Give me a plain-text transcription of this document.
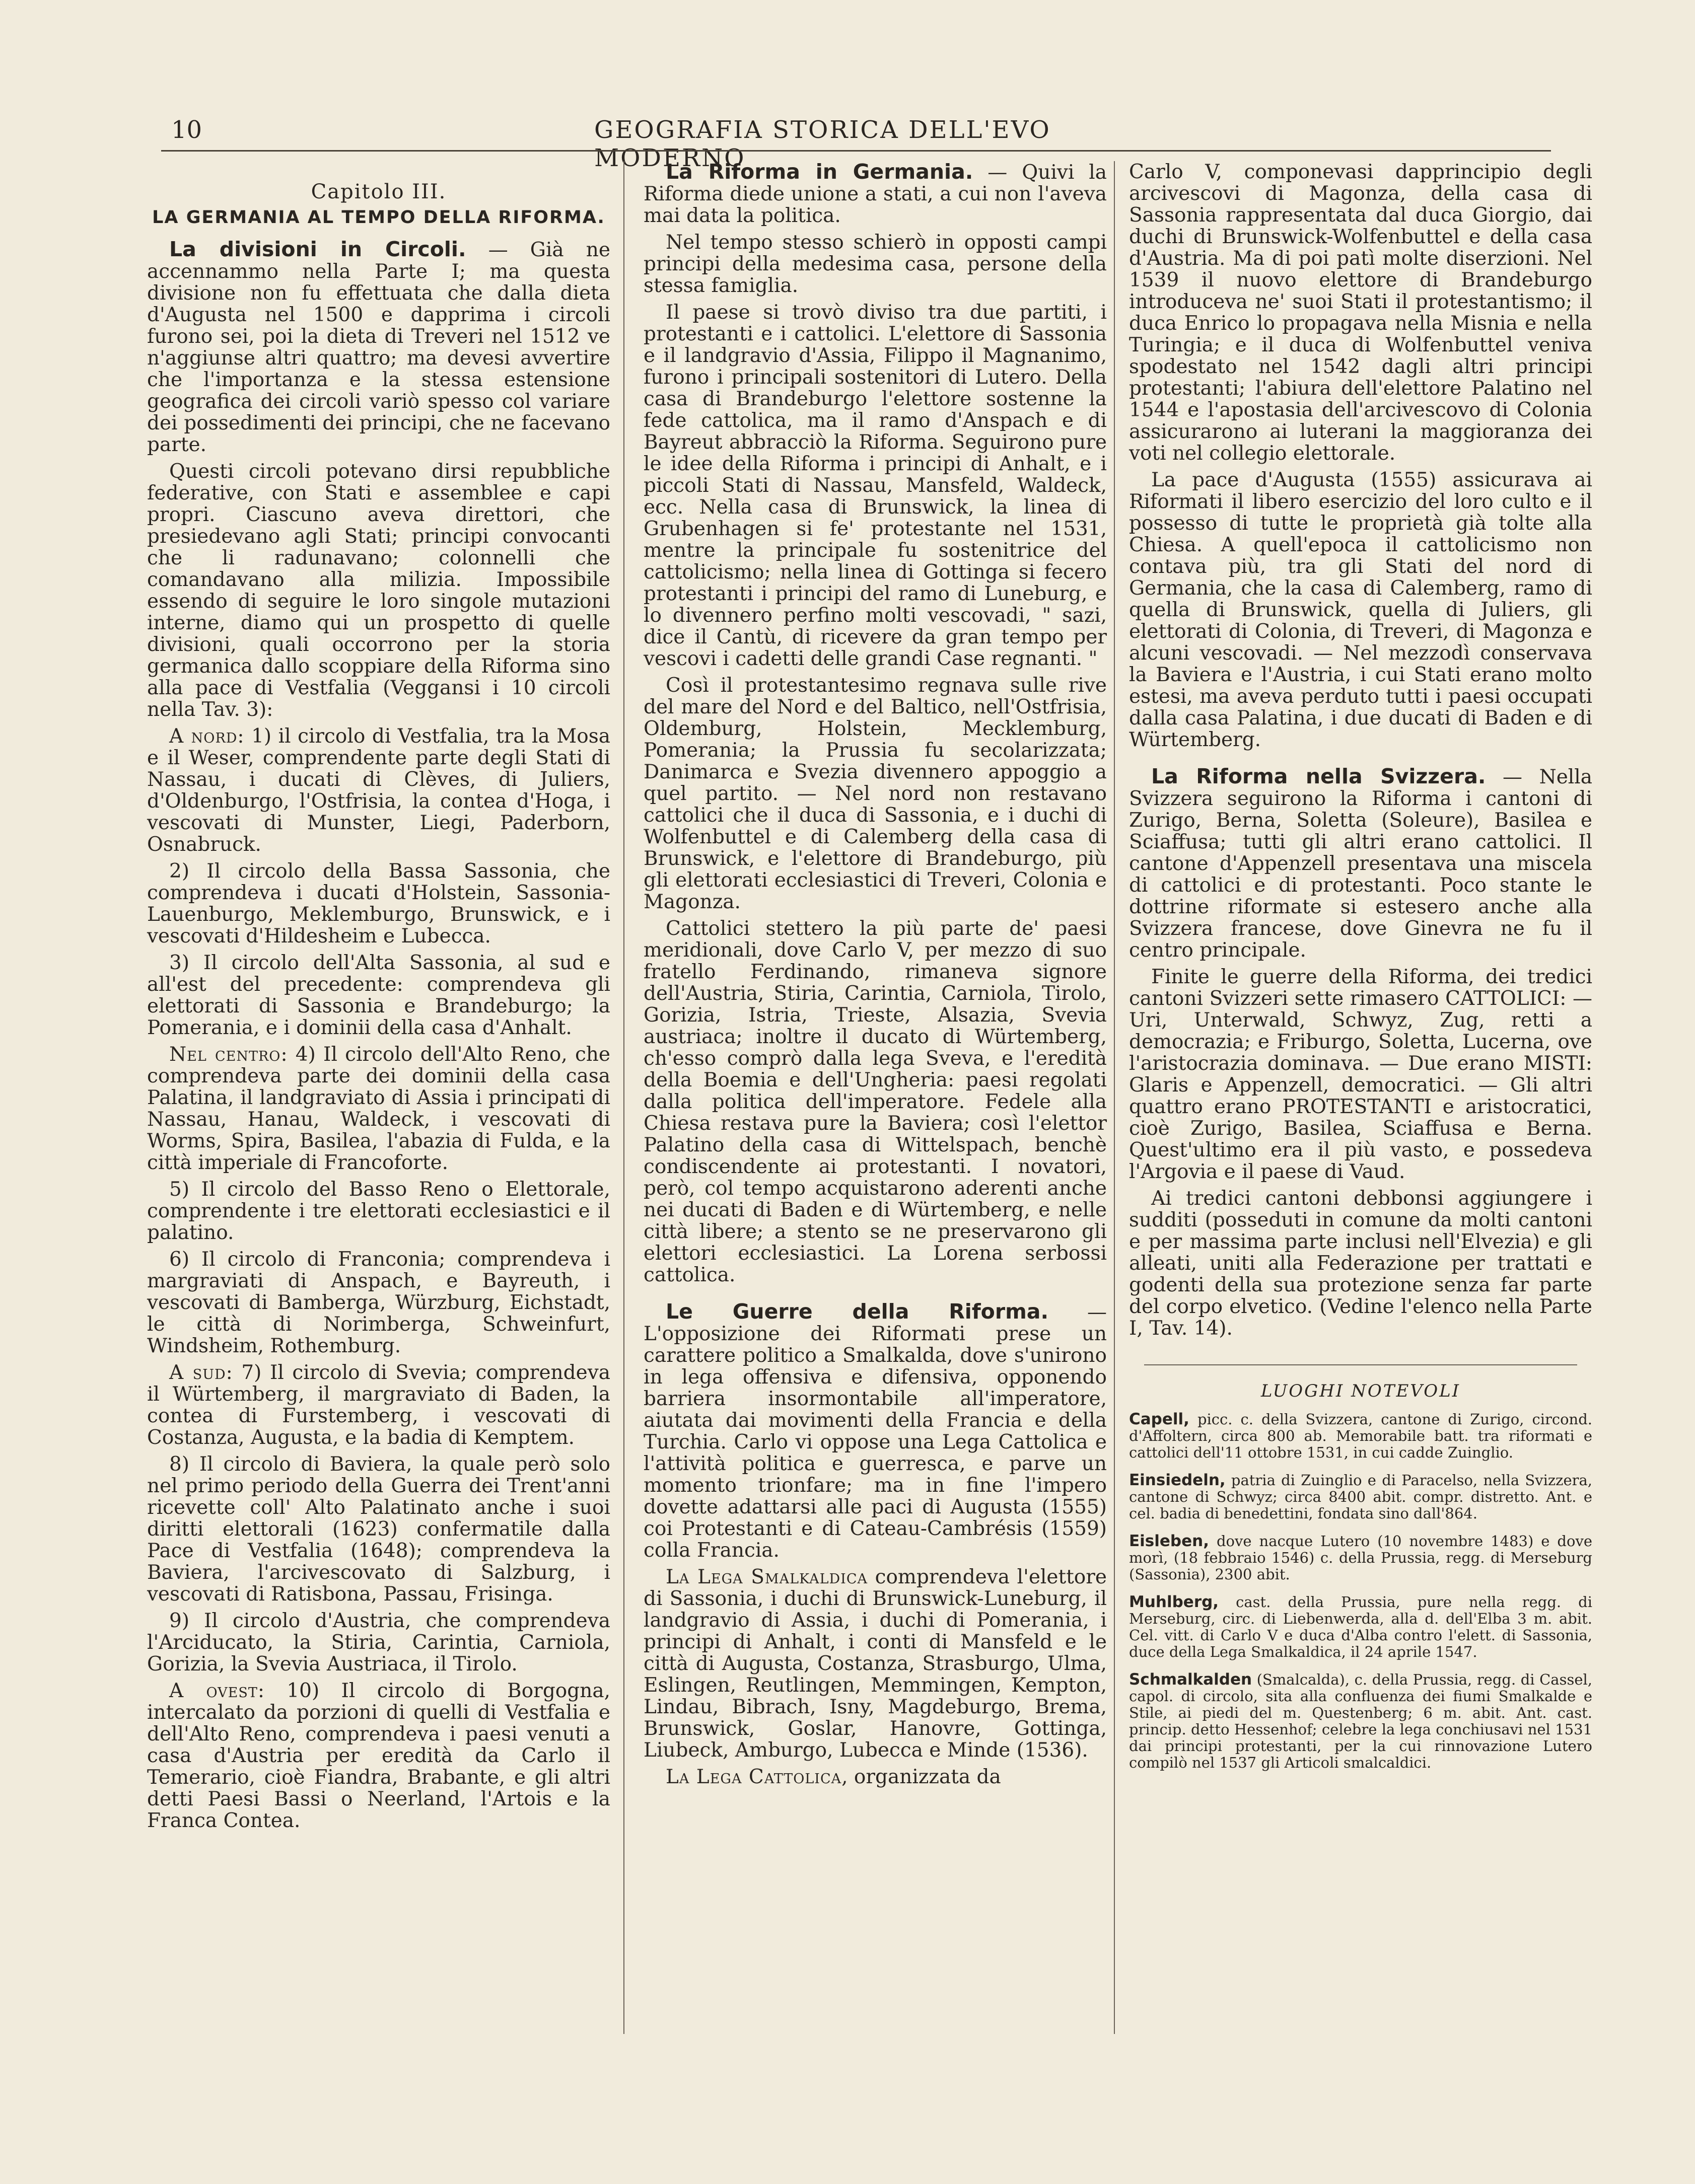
10	GEOGRAFIA STORICA DELL'EVO MODERNO
Capitolo III.
LA GERMANIA AL TEMPO DELLA RIFORMA.

La divisioni in Circoli. — Già ne accennammo nella Parte I; ma questa divisione non fu effettuata che dalla dieta d'Augusta nel 1500 e dapprima i circoli furono sei, poi la dieta di Treveri nel 1512 ve n'aggiunse altri quattro; ma devesi avvertire che l'importanza e la stessa estensione geografica dei circoli variò spesso col variare dei possedimenti dei principi, che ne facevano parte.

Questi circoli potevano dirsi repubbliche federative, con Stati e assemblee e capi propri. Ciascuno aveva direttori, che presiedevano agli Stati; principi convocanti che li radunavano; colonnelli che comandavano alla milizia. Impossibile essendo di seguire le loro singole mutazioni interne, diamo qui un prospetto di quelle divisioni, quali occorrono per la storia germanica dallo scoppiare della Riforma sino alla pace di Vestfalia (Veggansi i 10 circoli nella Tav. 3):

A nord: 1) il circolo di Vestfalia, tra la Mosa e il Weser, comprendente parte degli Stati di Nassau, i ducati di Clèves, di Juliers, d'Oldenburgo, l'Ostfrisia, la contea d'Hoga, i vescovati di Munster, Liegi, Paderborn, Osnabruck.

2) Il circolo della Bassa Sassonia, che comprendeva i ducati d'Holstein, Sassonia-Lauenburgo, Meklemburgo, Brunswick, e i vescovati d'Hildesheim e Lubecca.

3) Il circolo dell'Alta Sassonia, al sud e all'est del precedente: comprendeva gli elettorati di Sassonia e Brandeburgo; la Pomerania, e i dominii della casa d'Anhalt.

Nel centro: 4) Il circolo dell'Alto Reno, che comprendeva parte dei dominii della casa Palatina, il landgraviato di Assia i principati di Nassau, Hanau, Waldeck, i vescovati di Worms, Spira, Basilea, l'abazia di Fulda, e la città imperiale di Francoforte.

5) Il circolo del Basso Reno o Elettorale, comprendente i tre elettorati ecclesiastici e il palatino.

6) Il circolo di Franconia; comprendeva i margraviati di Anspach, e Bayreuth, i vescovati di Bamberga, Würzburg, Eichstadt, le città di Norimberga, Schweinfurt, Windsheim, Rothemburg.

A sud: 7) Il circolo di Svevia; comprendeva il Würtemberg, il margraviato di Baden, la contea di Furstemberg, i vescovati di Costanza, Augusta, e la badia di Kemptem.

8) Il circolo di Baviera, la quale però solo nel primo periodo della Guerra dei Trent'anni ricevette coll' Alto Palatinato anche i suoi diritti elettorali (1623) confermatile dalla Pace di Vestfalia (1648); comprendeva la Baviera, l'arcivescovato di Salzburg, i vescovati di Ratisbona, Passau, Frisinga.

9) Il circolo d'Austria, che comprendeva l'Arciducato, la Stiria, Carintia, Carniola, Gorizia, la Svevia Austriaca, il Tirolo.

A ovest: 10) Il circolo di Borgogna, intercalato da porzioni di quelli di Vestfalia e dell'Alto Reno, comprendeva i paesi venuti a casa d'Austria per eredità da Carlo il Temerario, cioè Fiandra, Brabante, e gli altri detti Paesi Bassi o Neerland, l'Artois e la Franca Contea.

La Riforma in Germania. — Quivi la Riforma diede unione a stati, a cui non l'aveva mai data la politica.

Nel tempo stesso schierò in opposti campi principi della medesima casa, persone della stessa famiglia.

Il paese si trovò diviso tra due partiti, i protestanti e i cattolici. L'elettore di Sassonia e il landgravio d'Assia, Filippo il Magnanimo, furono i principali sostenitori di Lutero. Della casa di Brandeburgo l'elettore sostenne la fede cattolica, ma il ramo d'Anspach e di Bayreut abbracciò la Riforma. Seguirono pure le idee della Riforma i principi di Anhalt, e i piccoli Stati di Nassau, Mansfeld, Waldeck, ecc. Nella casa di Brunswick, la linea di Grubenhagen si fe' protestante nel 1531, mentre la principale fu sostenitrice del cattolicismo; nella linea di Gottinga si fecero protestanti i principi del ramo di Luneburg, e lo divennero perfino molti vescovadi, " sazi, dice il Cantù, di ricevere da gran tempo per vescovi i cadetti delle grandi Case regnanti. "

Così il protestantesimo regnava sulle rive del mare del Nord e del Baltico, nell'Ostfrisia, Oldemburg, Holstein, Mecklemburg, Pomerania; la Prussia fu secolarizzata; Danimarca e Svezia divennero appoggio a quel partito. — Nel nord non restavano cattolici che il duca di Sassonia, e i duchi di Wolfenbuttel e di Calemberg della casa di Brunswick, e l'elettore di Brandeburgo, più gli elettorati ecclesiastici di Treveri, Colonia e Magonza.

Cattolici stettero la più parte de' paesi meridionali, dove Carlo V, per mezzo di suo fratello Ferdinando, rimaneva signore dell'Austria, Stiria, Carintia, Carniola, Tirolo, Gorizia, Istria, Trieste, Alsazia, Svevia austriaca; inoltre il ducato di Würtemberg, ch'esso comprò dalla lega Sveva, e l'eredità della Boemia e dell'Ungheria: paesi regolati dalla politica dell'imperatore. Fedele alla Chiesa restava pure la Baviera; così l'elettor Palatino della casa di Wittelspach, benchè condiscendente ai protestanti. I novatori, però, col tempo acquistarono aderenti anche nei ducati di Baden e di Würtemberg, e nelle città libere; a stento se ne preservarono gli elettori ecclesiastici. La Lorena serbossi cattolica.

Le Guerre della Riforma. — L'opposizione dei Riformati prese un carattere politico a Smalkalda, dove s'unirono in lega offensiva e difensiva, opponendo barriera insormontabile all'imperatore, aiutata dai movimenti della Francia e della Turchia. Carlo vi oppose una Lega Cattolica e l'attività politica e guerresca, e parve un momento trionfare; ma in fine l'impero dovette adattarsi alle paci di Augusta (1555) coi Protestanti e di Cateau-Cambrésis (1559) colla Francia.

La Lega Smalkaldica comprendeva l'elettore di Sassonia, i duchi di Brunswick-Luneburg, il landgravio di Assia, i duchi di Pomerania, i principi di Anhalt, i conti di Mansfeld e le città di Augusta, Costanza, Strasburgo, Ulma, Eslingen, Reutlingen, Memmingen, Kempton, Lindau, Bibrach, Isny, Magdeburgo, Brema, Brunswick, Goslar, Hanovre, Gottinga, Liubeck, Amburgo, Lubecca e Minde (1536).

La Lega Cattolica, organizzata da

Carlo V, componevasi dapprincipio degli arcivescovi di Magonza, della casa di Sassonia rappresentata dal duca Giorgio, dai duchi di Brunswick-Wolfenbuttel e della casa d'Austria. Ma di poi patì molte diserzioni. Nel 1539 il nuovo elettore di Brandeburgo introduceva ne' suoi Stati il protestantismo; il duca Enrico lo propagava nella Misnia e nella Turingia; e il duca di Wolfenbuttel veniva spodestato nel 1542 dagli altri principi protestanti; l'abiura dell'elettore Palatino nel 1544 e l'apostasia dell'arcivescovo di Colonia assicurarono ai luterani la maggioranza dei voti nel collegio elettorale.

La pace d'Augusta (1555) assicurava ai Riformati il libero esercizio del loro culto e il possesso di tutte le proprietà già tolte alla Chiesa. A quell'epoca il cattolicismo non contava più, tra gli Stati del nord di Germania, che la casa di Calemberg, ramo di quella di Brunswick, quella di Juliers, gli elettorati di Colonia, di Treveri, di Magonza e alcuni vescovadi. — Nel mezzodì conservava la Baviera e l'Austria, i cui Stati erano molto estesi, ma aveva perduto tutti i paesi occupati dalla casa Palatina, i due ducati di Baden e di Würtemberg.

La Riforma nella Svizzera. — Nella Svizzera seguirono la Riforma i cantoni di Zurigo, Berna, Soletta (Soleure), Basilea e Sciaffusa; tutti gli altri erano cattolici. Il cantone d'Appenzell presentava una miscela di cattolici e di protestanti. Poco stante le dottrine riformate si estesero anche alla Svizzera francese, dove Ginevra ne fu il centro principale.

Finite le guerre della Riforma, dei tredici cantoni Svizzeri sette rimasero CATTOLICI: — Uri, Unterwald, Schwyz, Zug, retti a democrazia; e Friburgo, Soletta, Lucerna, ove l'aristocrazia dominava. — Due erano MISTI: Glaris e Appenzell, democratici. — Gli altri quattro erano PROTESTANTI e aristocratici, cioè Zurigo, Basilea, Sciaffusa e Berna. Quest'ultimo era il più vasto, e possedeva l'Argovia e il paese di Vaud.

Ai tredici cantoni debbonsi aggiungere i sudditi (posseduti in comune da molti cantoni e per massima parte inclusi nell'Elvezia) e gli alleati, uniti alla Federazione per trattati e godenti della sua protezione senza far parte del corpo elvetico. (Vedine l'elenco nella Parte I, Tav. 14).

LUOGHI NOTEVOLI

Capell, picc. c. della Svizzera, cantone di Zurigo, circond. d'Affoltern, circa 800 ab. Memorabile batt. tra riformati e cattolici dell'11 ottobre 1531, in cui cadde Zuinglio.

Einsiedeln, patria di Zuinglio e di Paracelso, nella Svizzera, cantone di Schwyz; circa 8400 abit. compr. distretto. Ant. e cel. badia di benedettini, fondata sino dall'864.

Eisleben, dove nacque Lutero (10 novembre 1483) e dove morì, (18 febbraio 1546) c. della Prussia, regg. di Merseburg (Sassonia), 2300 abit.

Muhlberg, cast. della Prussia, pure nella regg. di Merseburg, circ. di Liebenwerda, alla d. dell'Elba 3 m. abit. Cel. vitt. di Carlo V e duca d'Alba contro l'elett. di Sassonia, duce della Lega Smalkaldica, il 24 aprile 1547.

Schmalkalden (Smalcalda), c. della Prussia, regg. di Cassel, capol. di circolo, sita alla confluenza dei fiumi Smalkalde e Stile, ai piedi del m. Questenberg; 6 m. abit. Ant. cast. princip. detto Hessenhof; celebre la lega conchiusavi nel 1531 dai principi protestanti, per la cui rinnovazione Lutero compilò nel 1537 gli Articoli smalcaldici.
